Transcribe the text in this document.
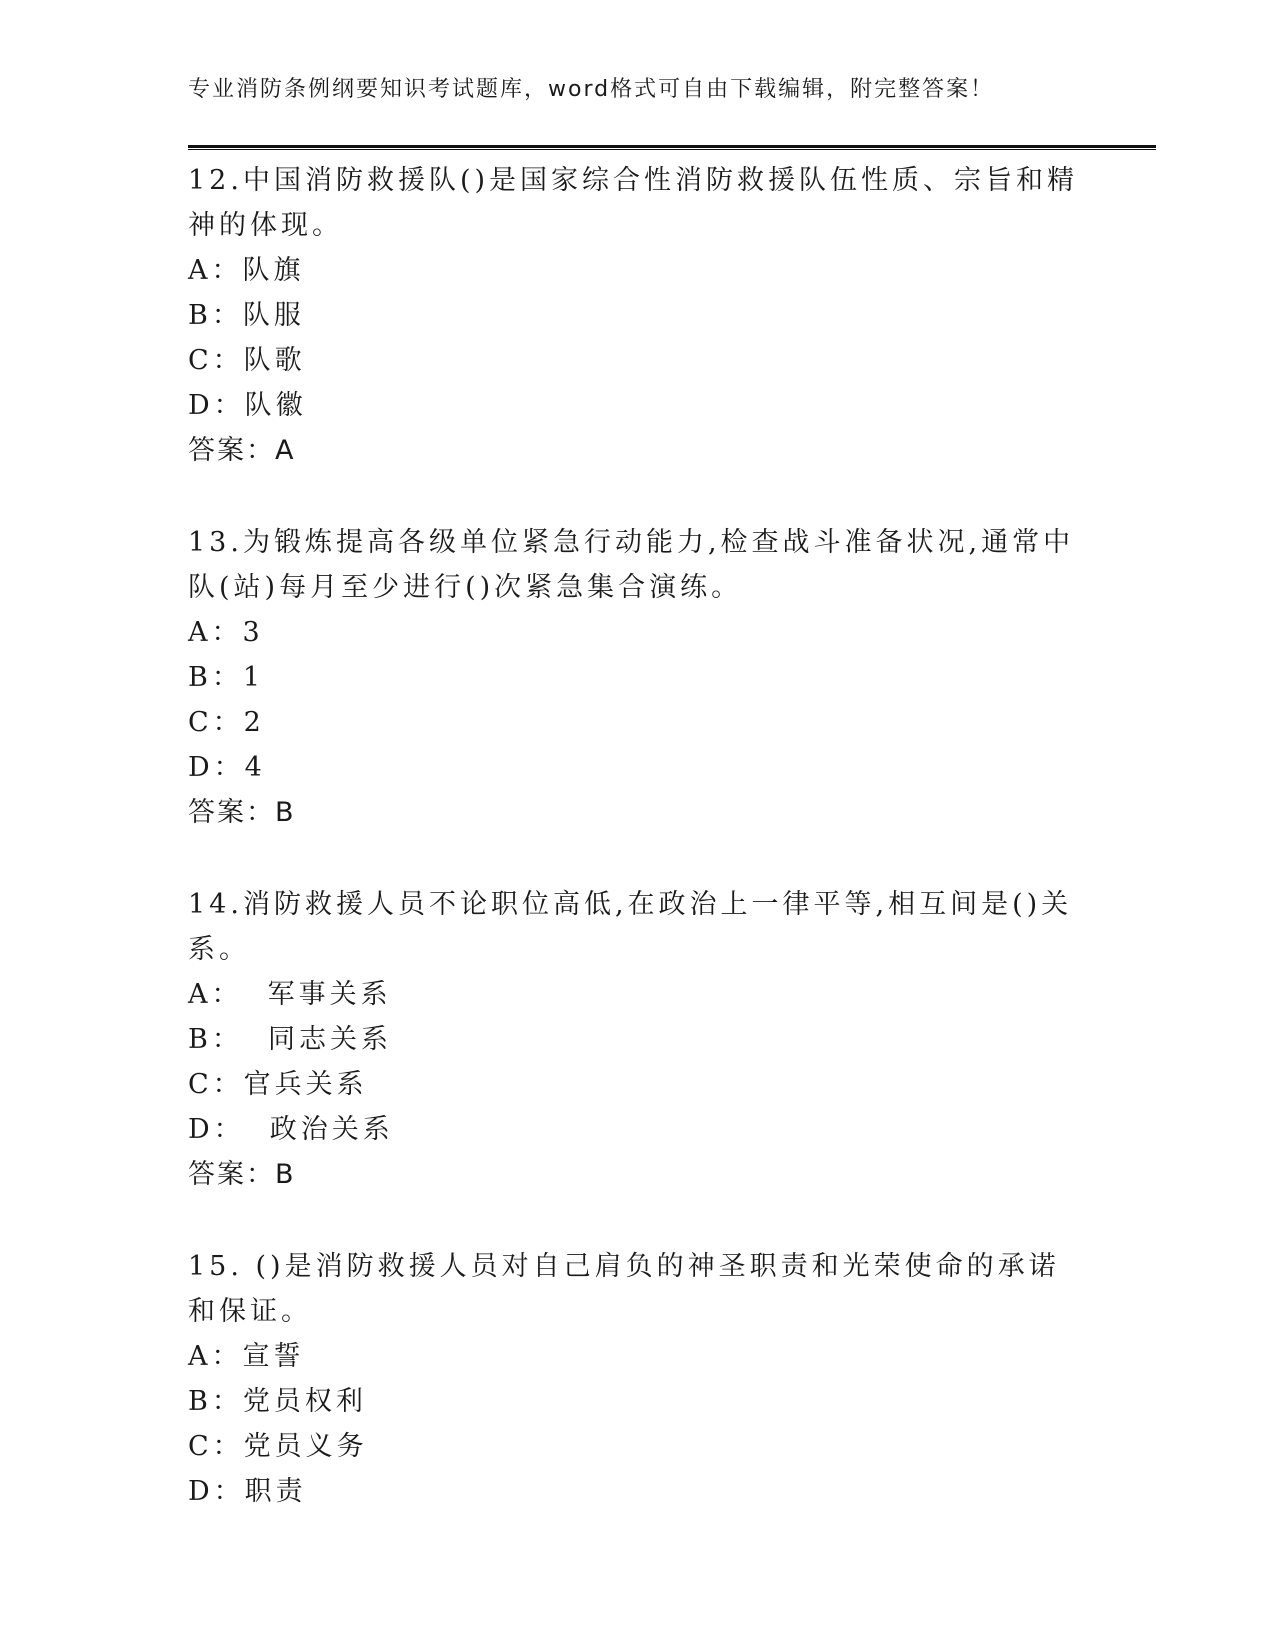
专业消防条例纲要知识考试题库，word格式可自由下载编辑，附完整答案！

12.中国消防救援队()是国家综合性消防救援队伍性质、宗旨和精神的体现。

A：队旗

B：队服

C：队歌

D：队徽

答案：A

13.为锻炼提高各级单位紧急行动能力,检查战斗准备状况,通常中队(站)每月至少进行()次紧急集合演练。

A：3

B：1

C：2

D：4

答案：B

14.消防救援人员不论职位高低,在政治上一律平等,相互间是()关系。

A：  军事关系

B：  同志关系

C：官兵关系

D：  政治关系

答案：B

15. ()是消防救援人员对自己肩负的神圣职责和光荣使命的承诺和保证。

A：宣誓

B：党员权利

C：党员义务

D：职责
